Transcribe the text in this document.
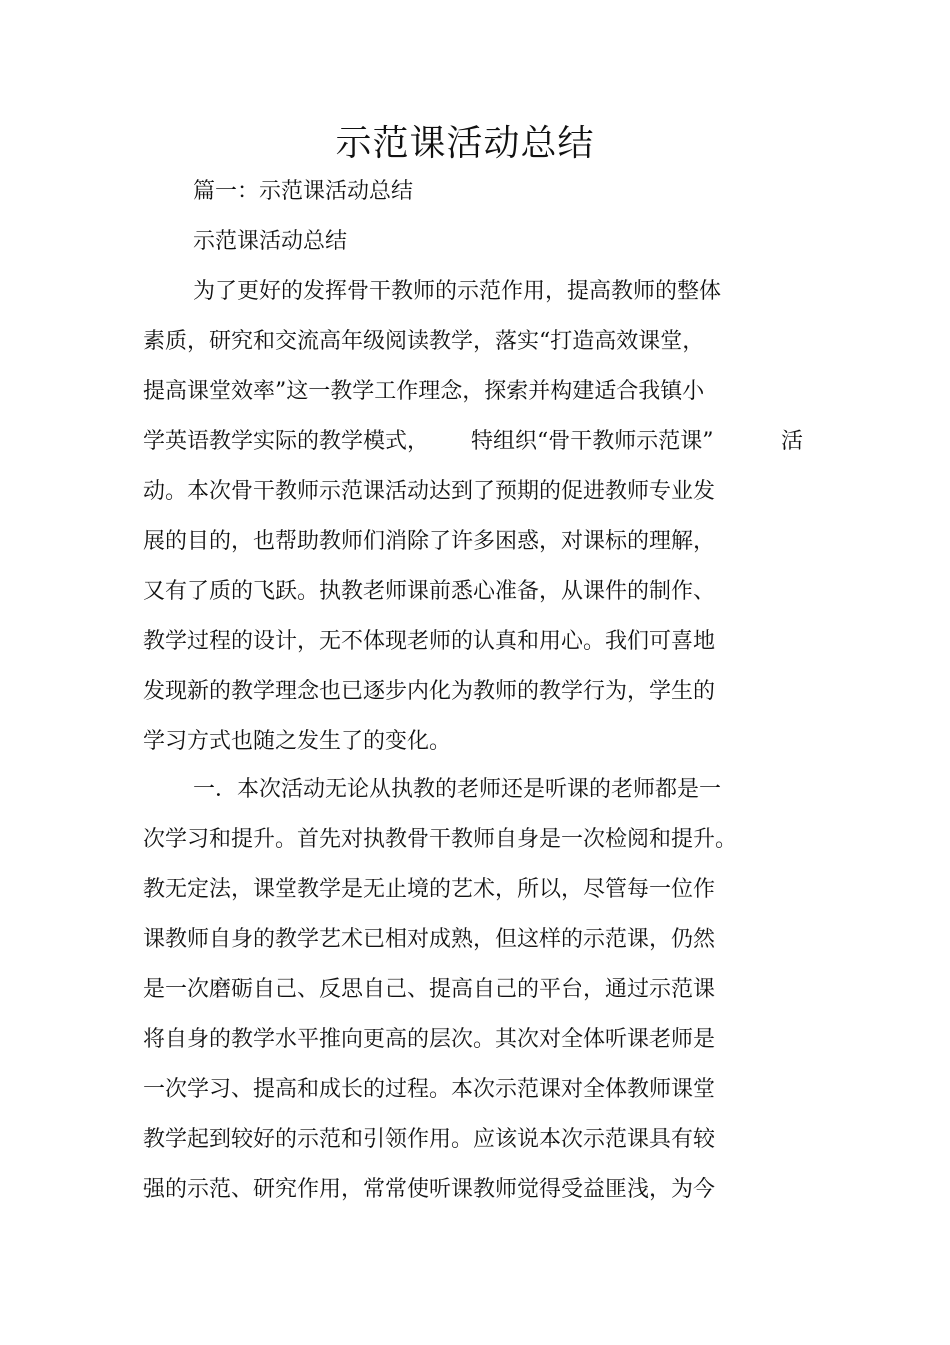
示范课活动总结
篇一：示范课活动总结
示范课活动总结
为了更好的发挥骨干教师的示范作用，提高教师的整体
素质，研究和交流高年级阅读教学，落实“打造高效课堂，
提高课堂效率”这一教学工作理念，探索并构建适合我镇小
学英语教学实际的教学模式， 特组织“骨干教师示范课”	活
动。本次骨干教师示范课活动达到了预期的促进教师专业发
展的目的，也帮助教师们消除了许多困惑，对课标的理解，
又有了质的飞跃。执教老师课前悉心准备，从课件的制作、
教学过程的设计，无不体现老师的认真和用心。我们可喜地
发现新的教学理念也已逐步内化为教师的教学行为，学生的
学习方式也随之发生了的变化。
一．本次活动无论从执教的老师还是听课的老师都是一
次学习和提升。首先对执教骨干教师自身是一次检阅和提升。
教无定法，课堂教学是无止境的艺术，所以，尽管每一位作
课教师自身的教学艺术已相对成熟，但这样的示范课，仍然
是一次磨砺自己、反思自己、提高自己的平台，通过示范课
将自身的教学水平推向更高的层次。其次对全体听课老师是
一次学习、提高和成长的过程。本次示范课对全体教师课堂
教学起到较好的示范和引领作用。应该说本次示范课具有较
强的示范、研究作用，常常使听课教师觉得受益匪浅，为今
